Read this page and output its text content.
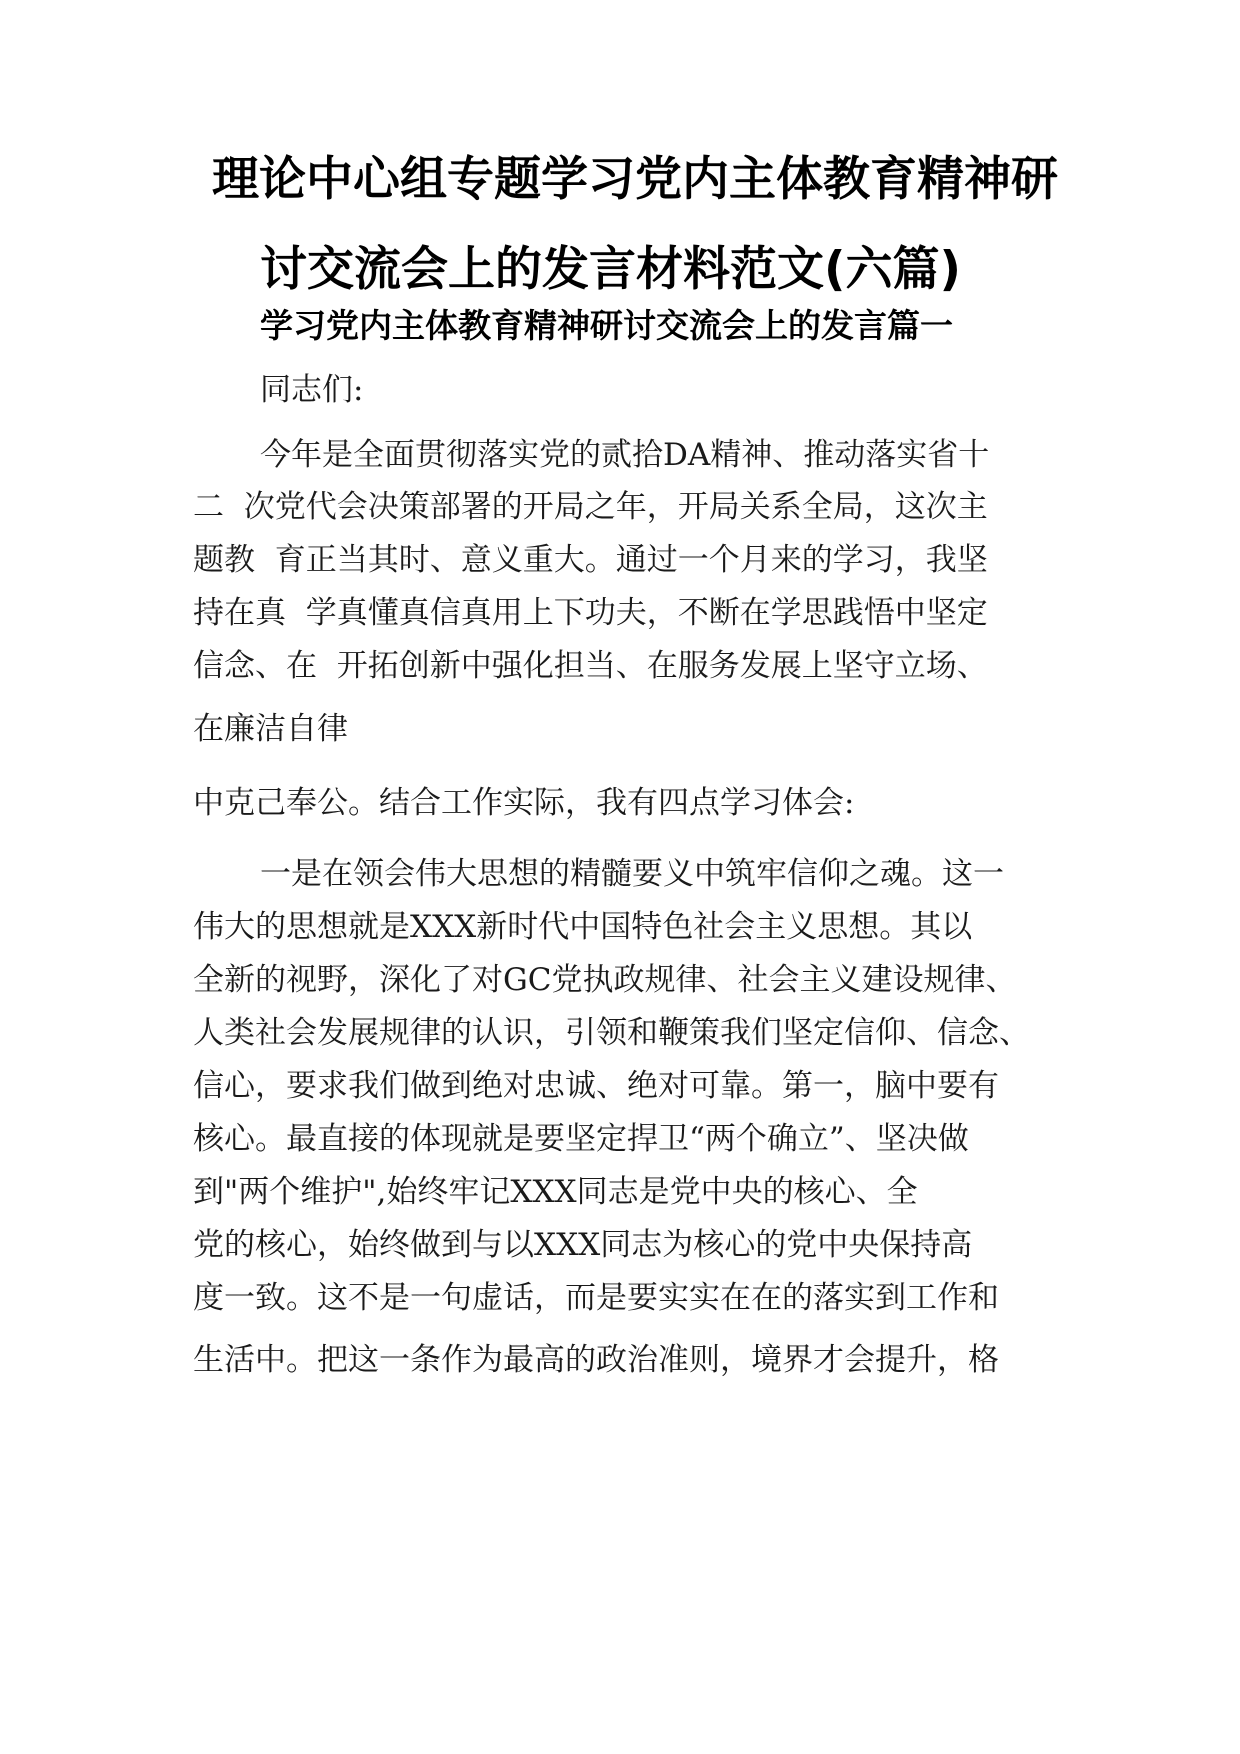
理论中心组专题学习党内主体教育精神研
讨交流会上的发言材料范文(六篇)
学习党内主体教育精神研讨交流会上的发言篇一
同志们:
今年是全面贯彻落实党的贰拾DA精神、推动落实省十
二  次党代会决策部署的开局之年，开局关系全局，这次主
题教  育正当其时、意义重大。通过一个月来的学习，我坚
持在真  学真懂真信真用上下功夫，不断在学思践悟中坚定
信念、在  开拓创新中强化担当、在服务发展上坚守立场、
在廉洁自律
中克己奉公。结合工作实际，我有四点学习体会:
一是在领会伟大思想的精髓要义中筑牢信仰之魂。这一
伟大的思想就是XXX新时代中国特色社会主义思想。其以
全新的视野，深化了对GC党执政规律、社会主义建设规律、
人类社会发展规律的认识，引领和鞭策我们坚定信仰、信念、
信心，要求我们做到绝对忠诚、绝对可靠。第一，脑中要有
核心。最直接的体现就是要坚定捍卫“两个确立”、坚决做
到"两个维护",始终牢记XXX同志是党中央的核心、全
党的核心，始终做到与以XXX同志为核心的党中央保持高
度一致。这不是一句虚话，而是要实实在在的落实到工作和
生活中。把这一条作为最高的政治准则，境界才会提升，格
